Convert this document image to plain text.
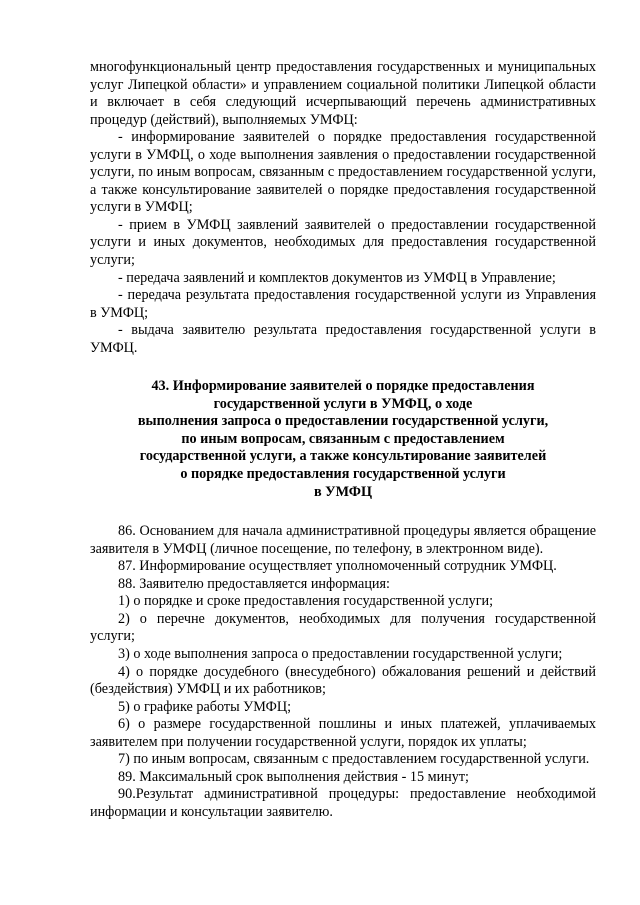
многофункциональный центр предоставления государственных и муниципальных услуг Липецкой области» и управлением социальной политики Липецкой области и включает в себя следующий исчерпывающий перечень административных процедур (действий), выполняемых УМФЦ:

- информирование заявителей о порядке предоставления государственной услуги в УМФЦ, о ходе выполнения заявления о предоставлении государственной услуги, по иным вопросам, связанным с предоставлением государственной услуги, а также консультирование заявителей о порядке предоставления государственной услуги в УМФЦ;

- прием в УМФЦ заявлений заявителей о предоставлении государственной услуги и иных документов, необходимых для предоставления государственной услуги;

- передача заявлений и комплектов документов из УМФЦ в Управление;

- передача результата предоставления государственной услуги из Управления в УМФЦ;

- выдача заявителю результата предоставления государственной услуги в УМФЦ.

43. Информирование заявителей о порядке предоставления
государственной услуги в УМФЦ, о ходе
выполнения запроса о предоставлении государственной услуги,
по иным вопросам, связанным с предоставлением
государственной услуги, а также консультирование заявителей
о порядке предоставления государственной услуги
в УМФЦ

86. Основанием для начала административной процедуры является обращение заявителя в УМФЦ (личное посещение, по телефону, в электронном виде).

87. Информирование осуществляет уполномоченный сотрудник УМФЦ.

88. Заявителю предоставляется информация:

1) о порядке и сроке предоставления государственной услуги;

2) о перечне документов, необходимых для получения государственной услуги;

3) о ходе выполнения запроса о предоставлении государственной услуги;

4) о порядке досудебного (внесудебного) обжалования решений и действий (бездействия) УМФЦ и их работников;

5) о графике работы УМФЦ;

6) о размере государственной пошлины и иных платежей, уплачиваемых заявителем при получении государственной услуги, порядок их уплаты;

7) по иным вопросам, связанным с предоставлением государственной услуги.

89. Максимальный срок выполнения действия - 15 минут;

90.Результат административной процедуры: предоставление необходимой информации и консультации заявителю.
